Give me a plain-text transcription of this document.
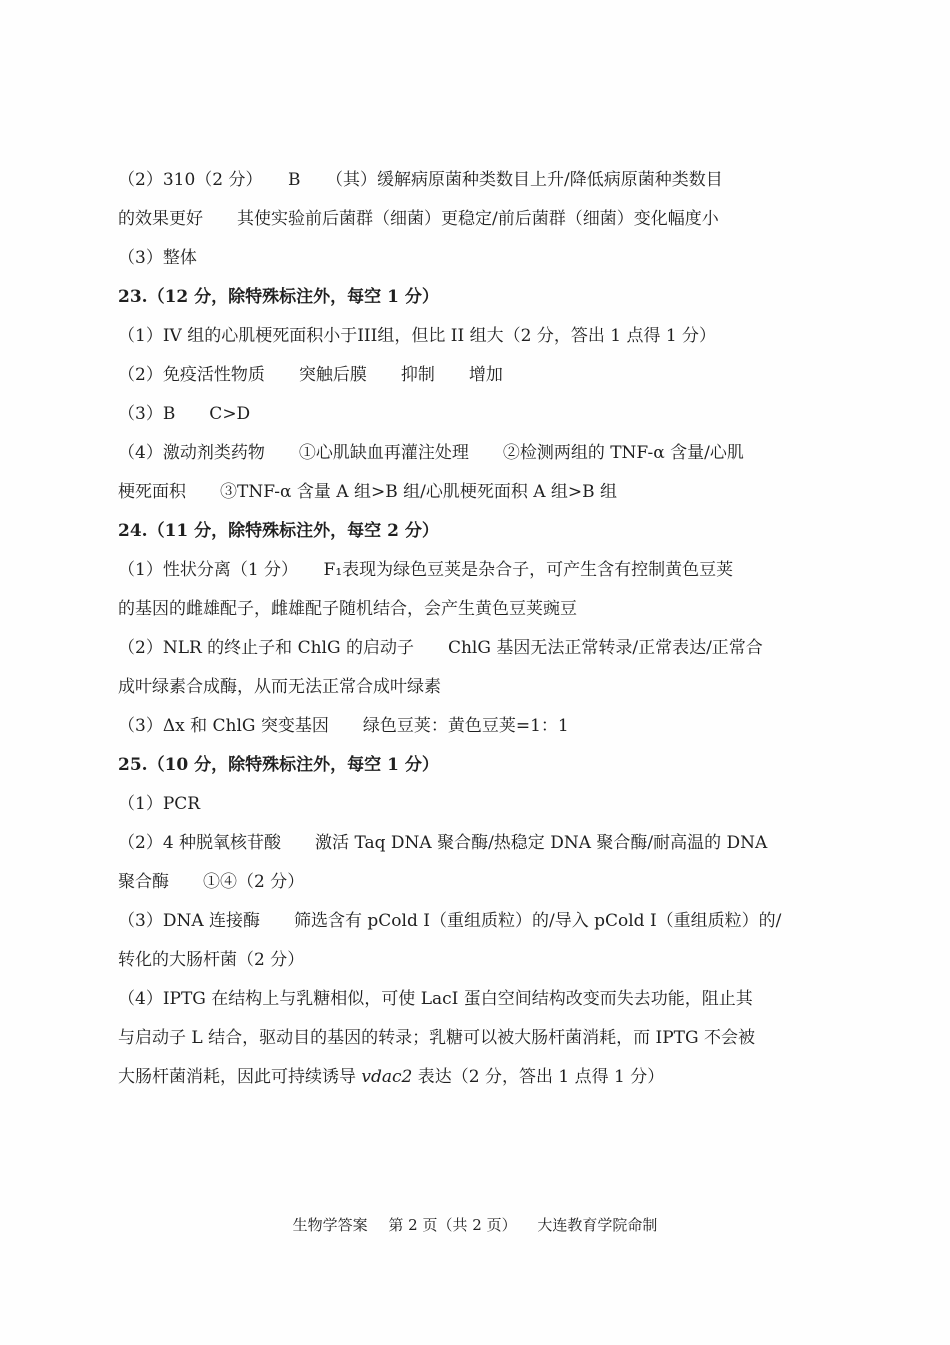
（2）310（2 分）　　B　　（其）缓解病原菌种类数目上升/降低病原菌种类数目
的效果更好　　其使实验前后菌群（细菌）更稳定/前后菌群（细菌）变化幅度小
（3）整体
23.（12 分，除特殊标注外，每空 1 分）
（1）IV 组的心肌梗死面积小于III组，但比 II 组大（2 分，答出 1 点得 1 分）
（2）免疫活性物质　　突触后膜　　抑制　　增加
（3）B　　C>D
（4）激动剂类药物　　①心肌缺血再灌注处理　　②检测两组的 TNF-α 含量/心肌
梗死面积　　③TNF-α 含量 A 组>B 组/心肌梗死面积 A 组>B 组
24.（11 分，除特殊标注外，每空 2 分）
（1）性状分离（1 分）　　F₁表现为绿色豆荚是杂合子，可产生含有控制黄色豆荚
的基因的雌雄配子，雌雄配子随机结合，会产生黄色豆荚豌豆
（2）NLR 的终止子和 ChlG 的启动子　　ChlG 基因无法正常转录/正常表达/正常合
成叶绿素合成酶，从而无法正常合成叶绿素
（3）Δx 和 ChlG 突变基因　　绿色豆荚：黄色豆荚=1：1
25.（10 分，除特殊标注外，每空 1 分）
（1）PCR
（2）4 种脱氧核苷酸　　激活 Taq DNA 聚合酶/热稳定 DNA 聚合酶/耐高温的 DNA
聚合酶　　①④（2 分）
（3）DNA 连接酶　　筛选含有 pCold I（重组质粒）的/导入 pCold I（重组质粒）的/
转化的大肠杆菌（2 分）
（4）IPTG 在结构上与乳糖相似，可使 LacI 蛋白空间结构改变而失去功能，阻止其
与启动子 L 结合，驱动目的基因的转录；乳糖可以被大肠杆菌消耗，而 IPTG 不会被
大肠杆菌消耗，因此可持续诱导 vdac2 表达（2 分，答出 1 点得 1 分）
生物学答案 第 2 页（共 2 页） 大连教育学院命制
